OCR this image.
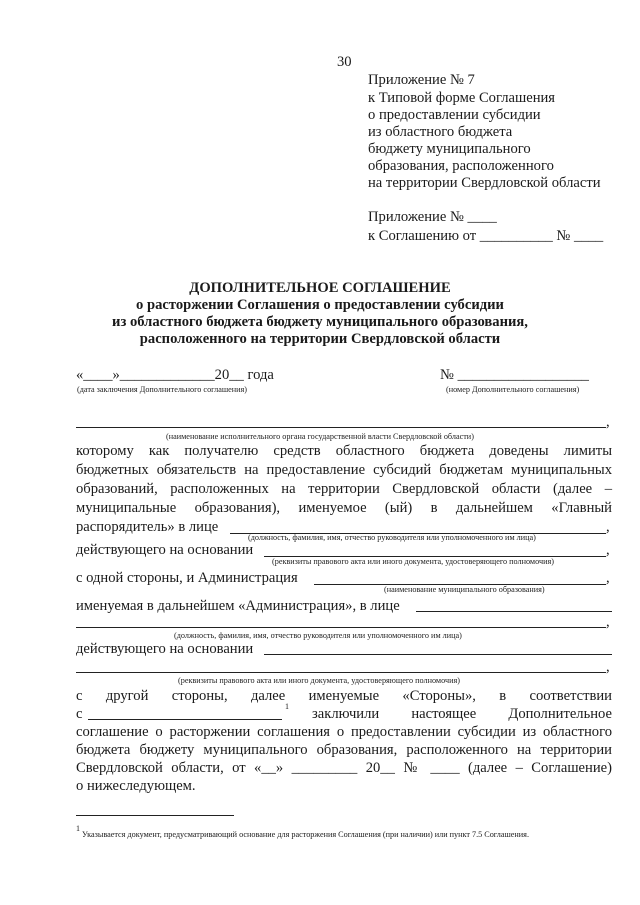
30
Приложение № 7
к Типовой форме Соглашения
о предоставлении субсидии
из областного бюджета
бюджету муниципального
образования, расположенного
на территории Свердловской области
Приложение № ____
к Соглашению от __________ № ____
ДОПОЛНИТЕЛЬНОЕ СОГЛАШЕНИЕ
о расторжении Соглашения о предоставлении субсидии
из областного бюджета бюджету муниципального образования,
расположенного на территории Свердловской области
«____»_____________20__ года
(дата заключения Дополнительного соглашения)
№ __________________
(номер Дополнительного соглашения)
,
(наименование исполнительного органа государственной власти Свердловской области)
которому как получателю средств областного бюджета доведены лимиты
бюджетных обязательств на предоставление субсидий бюджетам муниципальных
образований, расположенных на территории Свердловской области (далее –
муниципальные образования), именуемое (ый) в дальнейшем «Главный
распорядитель» в лице	,
(должность, фамилия, имя, отчество руководителя или уполномоченного им лица)
действующего на основании	,
(реквизиты правового акта или иного документа, удостоверяющего полномочия)
с одной стороны, и Администрация	,
(наименование муниципального образования)
именуемая в дальнейшем «Администрация», в лице
,
(должность, фамилия, имя, отчество руководителя или уполномоченного им лица)
действующего на основании
,
(реквизиты правового акта или иного документа, удостоверяющего полномочия)
с другой стороны, далее именуемые «Стороны», в соответствии
с	1 заключили настоящее Дополнительное
соглашение о расторжении соглашения о предоставлении субсидии из областного
бюджета бюджету муниципального образования, расположенного на территории
Свердловской области, от «__» _________ 20__ № ____ (далее – Соглашение)
о нижеследующем.
$^1$ Указывается документ, предусматривающий основание для расторжения Соглашения (при наличии) или пункт 7.5 Соглашения.
